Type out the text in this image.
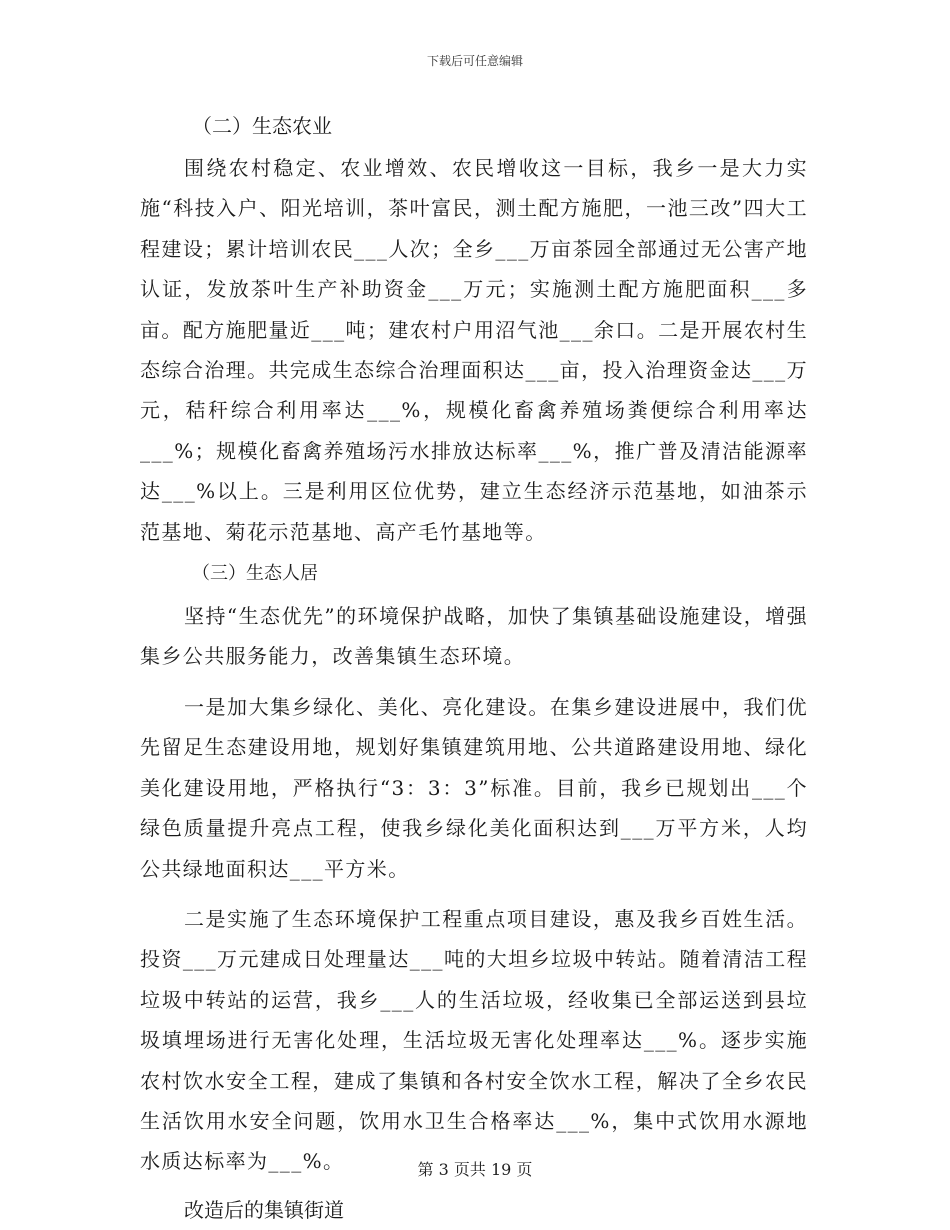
下载后可任意编辑
（二）生态农业

围绕农村稳定、农业增效、农民增收这一目标，我乡一是大力实施“科技入户、阳光培训，茶叶富民，测土配方施肥，一池三改”四大工程建设；累计培训农民___人次；全乡___万亩茶园全部通过无公害产地认证，发放茶叶生产补助资金___万元；实施测土配方施肥面积___多亩。配方施肥量近___吨；建农村户用沼气池___余口。二是开展农村生态综合治理。共完成生态综合治理面积达___亩，投入治理资金达___万元，秸秆综合利用率达___%，规模化畜禽养殖场粪便综合利用率达___%；规模化畜禽养殖场污水排放达标率___%，推广普及清洁能源率达___%以上。三是利用区位优势，建立生态经济示范基地，如油茶示范基地、菊花示范基地、高产毛竹基地等。

（三）生态人居

坚持“生态优先”的环境保护战略，加快了集镇基础设施建设，增强集乡公共服务能力，改善集镇生态环境。

一是加大集乡绿化、美化、亮化建设。在集乡建设进展中，我们优先留足生态建设用地，规划好集镇建筑用地、公共道路建设用地、绿化美化建设用地，严格执行“3：3：3”标准。目前，我乡已规划出___个绿色质量提升亮点工程，使我乡绿化美化面积达到___万平方米，人均公共绿地面积达___平方米。

二是实施了生态环境保护工程重点项目建设，惠及我乡百姓生活。投资___万元建成日处理量达___吨的大坦乡垃圾中转站。随着清洁工程垃圾中转站的运营，我乡___人的生活垃圾，经收集已全部运送到县垃圾填埋场进行无害化处理，生活垃圾无害化处理率达___%。逐步实施农村饮水安全工程，建成了集镇和各村安全饮水工程，解决了全乡农民生活饮用水安全问题，饮用水卫生合格率达___%，集中式饮用水源地水质达标率为___%。

改造后的集镇街道

第 3 页共 19 页
